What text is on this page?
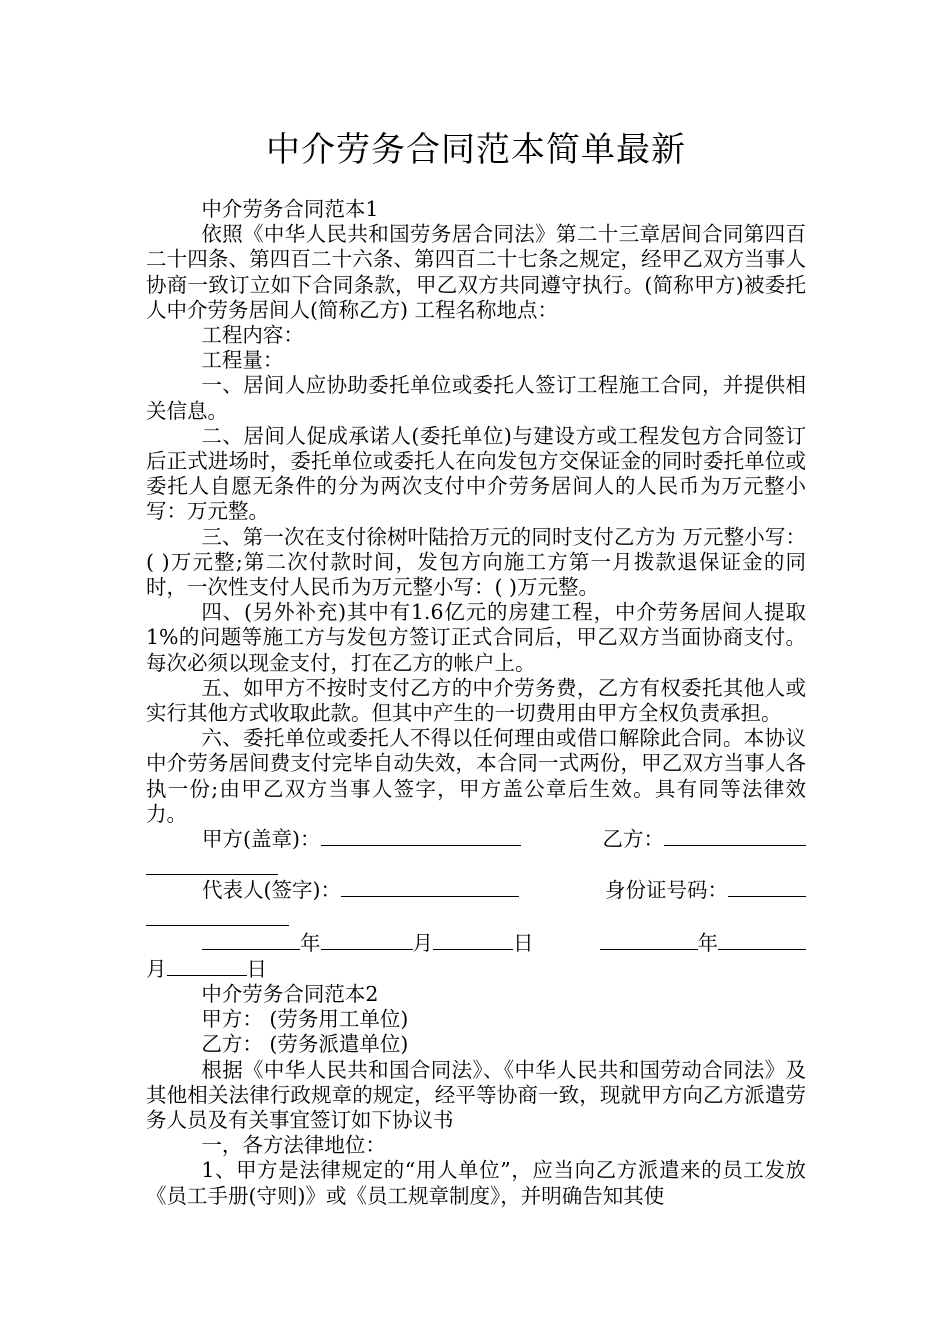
中介劳务合同范本简单最新

中介劳务合同范本1

依照《中华人民共和国劳务居合同法》第二十三章居间合同第四百二十四条、第四百二十六条、第四百二十七条之规定，经甲乙双方当事人协商一致订立如下合同条款，甲乙双方共同遵守执行。(简称甲方)被委托人中介劳务居间人(简称乙方) 工程名称地点：

工程内容：

工程量：

一、居间人应协助委托单位或委托人签订工程施工合同，并提供相关信息。

二、居间人促成承诺人(委托单位)与建设方或工程发包方合同签订后正式进场时，委托单位或委托人在向发包方交保证金的同时委托单位或委托人自愿无条件的分为两次支付中介劳务居间人的人民币为万元整小写：万元整。

三、第一次在支付徐树叶陆拾万元的同时支付乙方为 万元整小写：( )万元整;第二次付款时间，发包方向施工方第一月拨款退保证金的同时，一次性支付人民币为万元整小写：( )万元整。

四、(另外补充)其中有1.6亿元的房建工程，中介劳务居间人提取1%的问题等施工方与发包方签订正式合同后，甲乙双方当面协商支付。每次必须以现金支付，打在乙方的帐户上。

五、如甲方不按时支付乙方的中介劳务费，乙方有权委托其他人或实行其他方式收取此款。但其中产生的一切费用由甲方全权负责承担。

六、委托单位或委托人不得以任何理由或借口解除此合同。本协议中介劳务居间费支付完毕自动失效，本合同一式两份，甲乙双方当事人各执一份;由甲乙双方当事人签字，甲方盖公章后生效。具有同等法律效力。

甲方(盖章)：	乙方：
代表人(签字)：	身份证号码：
年	月	日	年
月	日

中介劳务合同范本2

甲方： (劳务用工单位)

乙方： (劳务派遣单位)

根据《中华人民共和国合同法》、《中华人民共和国劳动合同法》及其他相关法律行政规章的规定，经平等协商一致，现就甲方向乙方派遣劳务人员及有关事宜签订如下协议书

一，各方法律地位：

1、甲方是法律规定的“用人单位”，应当向乙方派遣来的员工发放《员工手册(守则)》或《员工规章制度》，并明确告知其使
